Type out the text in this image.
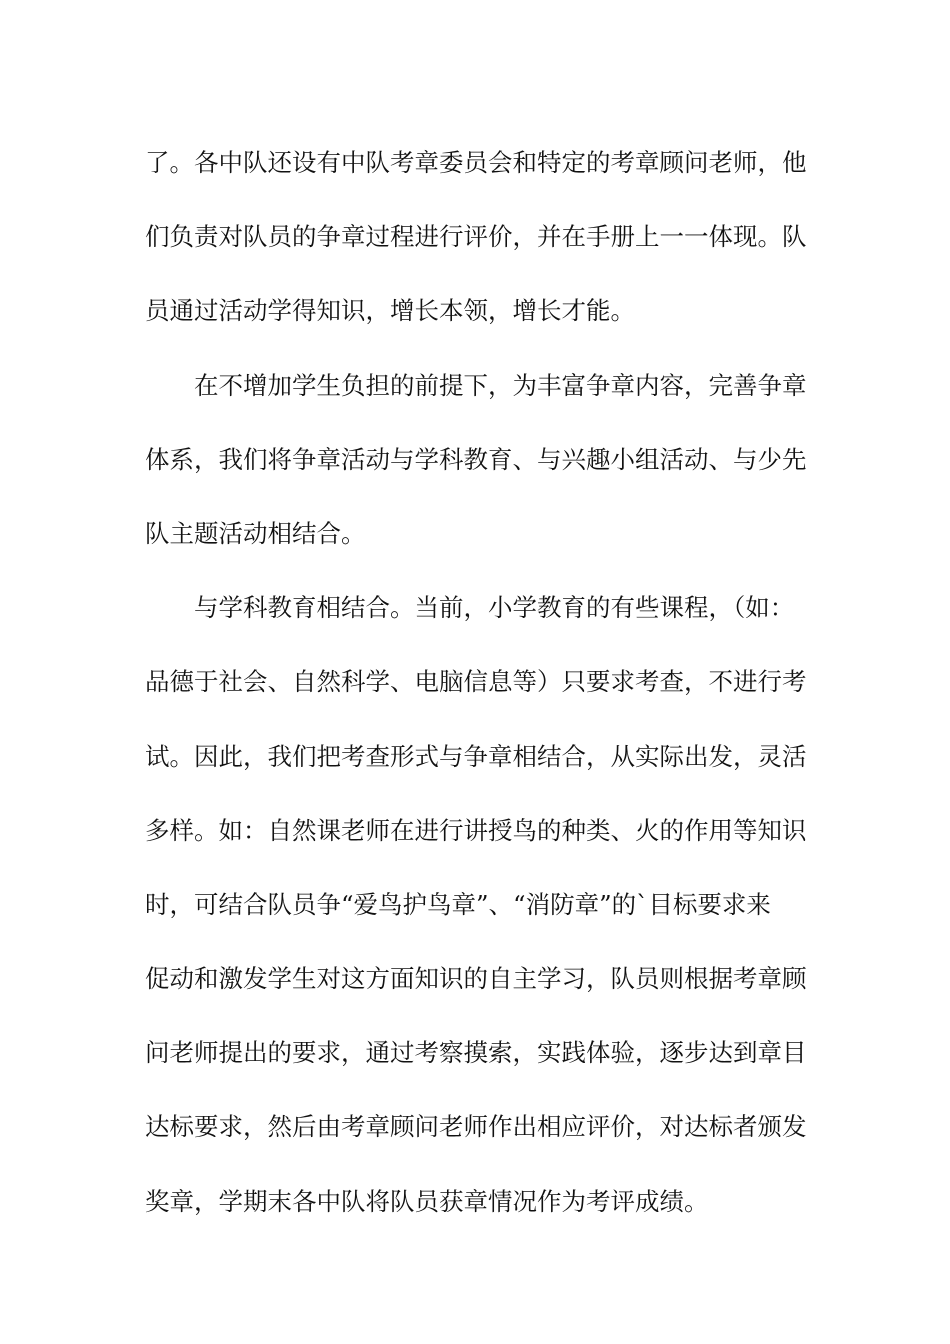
了。各中队还设有中队考章委员会和特定的考章顾问老师，他
们负责对队员的争章过程进行评价，并在手册上一一体现。队
员通过活动学得知识，增长本领，增长才能。
在不增加学生负担的前提下，为丰富争章内容，完善争章
体系，我们将争章活动与学科教育、与兴趣小组活动、与少先
队主题活动相结合。
与学科教育相结合。当前，小学教育的有些课程，（如：
品德于社会、自然科学、电脑信息等）只要求考查，不进行考
试。因此，我们把考查形式与争章相结合，从实际出发，灵活
多样。如：自然课老师在进行讲授鸟的种类、火的作用等知识
时，可结合队员争“爱鸟护鸟章”、“消防章”的`目标要求来
促动和激发学生对这方面知识的自主学习，队员则根据考章顾
问老师提出的要求，通过考察摸索，实践体验，逐步达到章目
达标要求，然后由考章顾问老师作出相应评价，对达标者颁发
奖章，学期末各中队将队员获章情况作为考评成绩。
